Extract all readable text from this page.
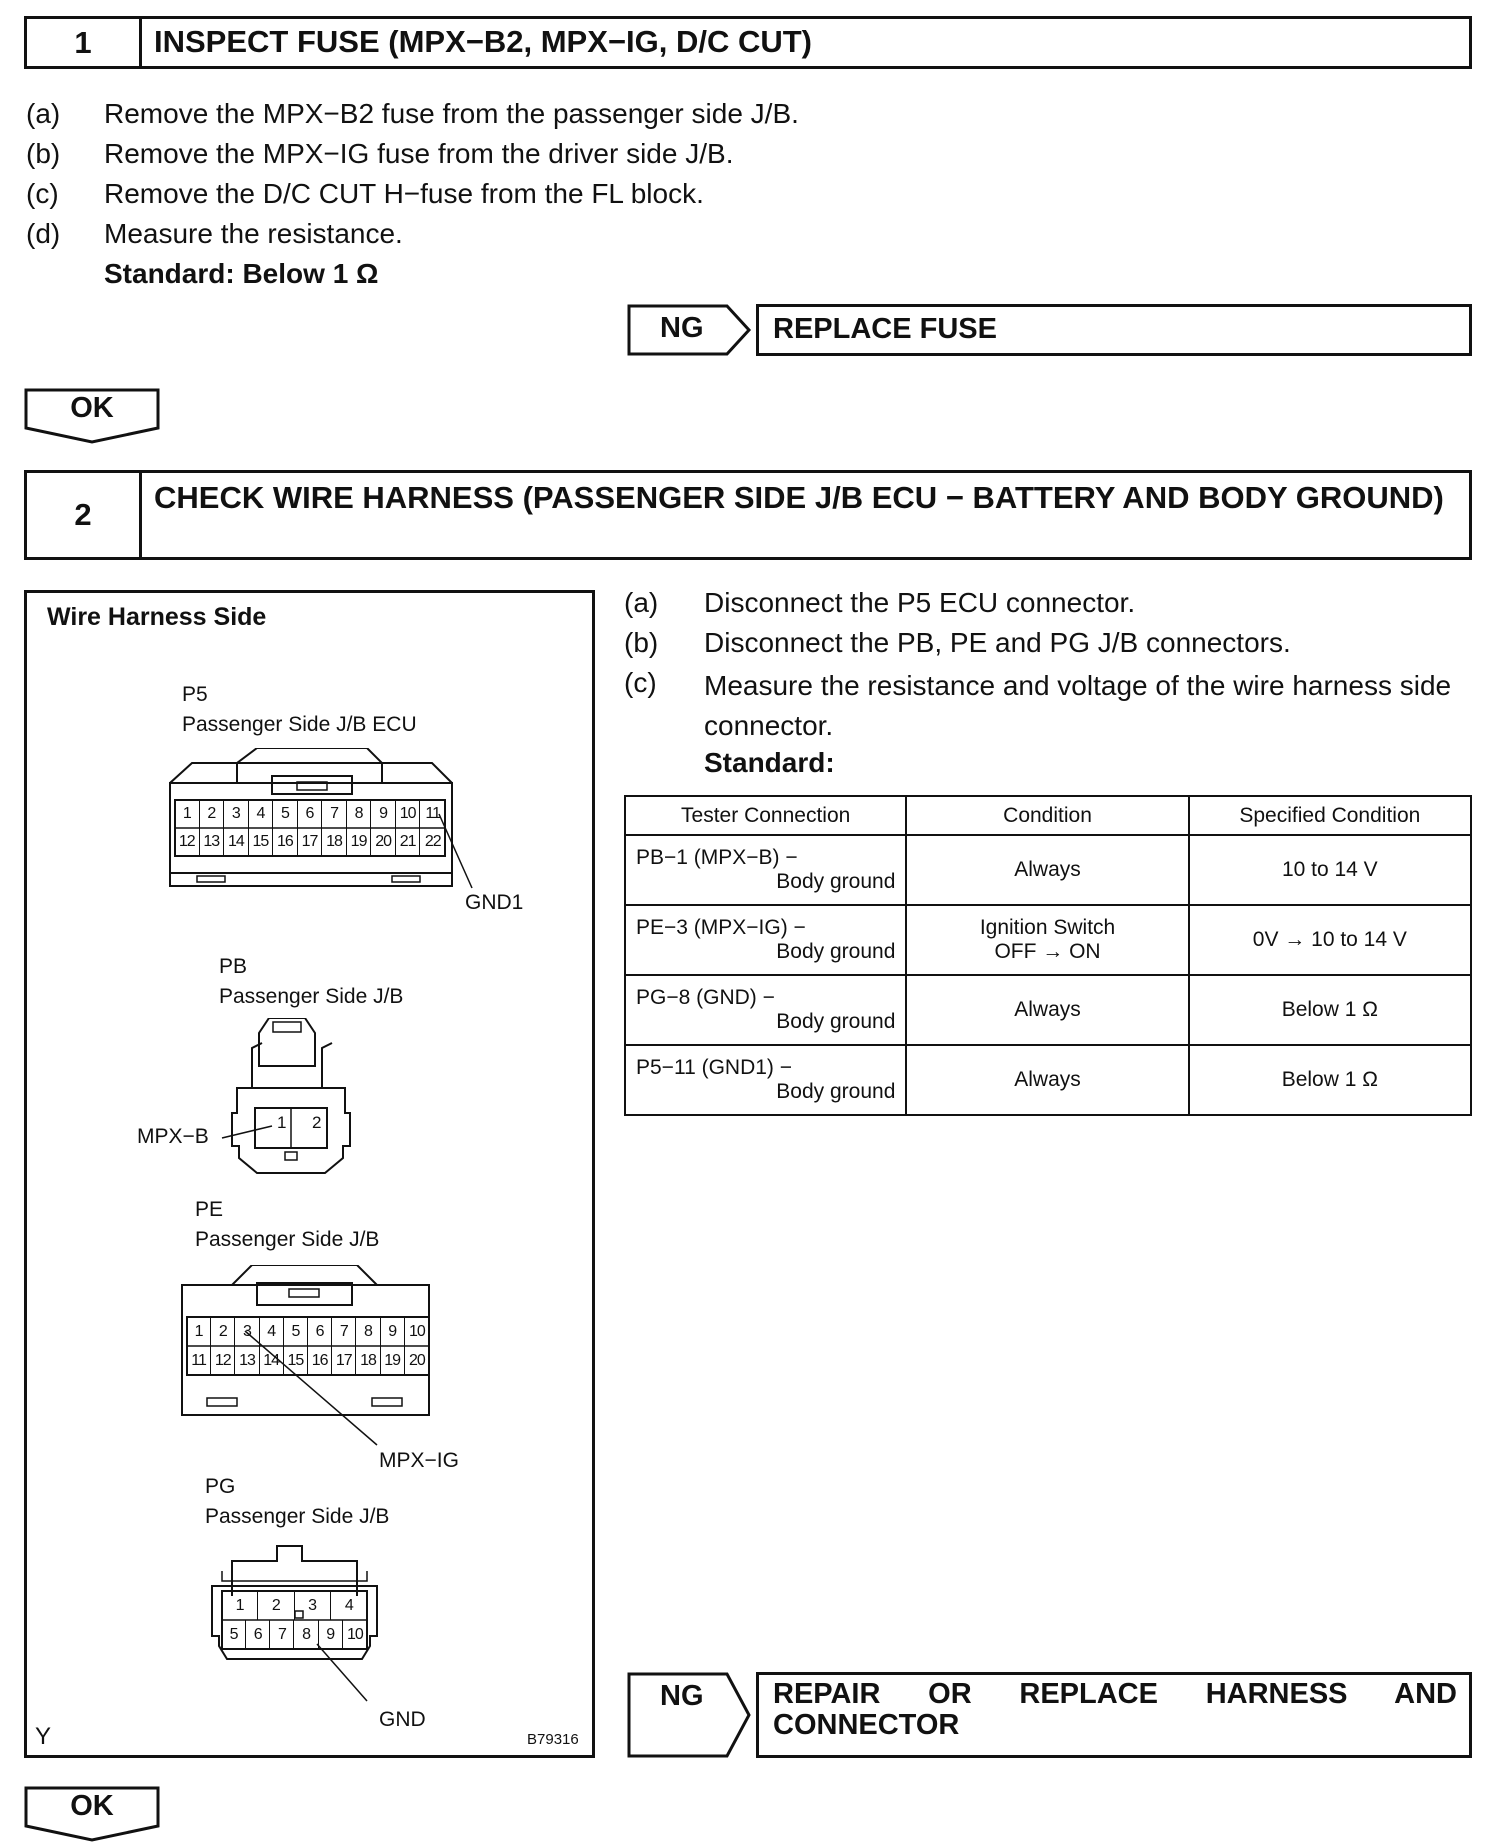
1	INSPECT FUSE (MPX−B2, MPX−IG, D/C CUT)
(a) Remove the MPX−B2 fuse from the passenger side J/B.
(b) Remove the MPX−IG fuse from the driver side J/B.
(c) Remove the D/C CUT H−fuse from the FL block.
(d) Measure the resistance.
Standard: Below 1 Ω
NG REPLACE FUSE
OK
2	CHECK WIRE HARNESS (PASSENGER SIDE J/B ECU − BATTERY AND BODY GROUND)
Wire Harness Side
P5
Passenger Side J/B ECU
1	2	3	4	5	6	7	8	9 10 11
12 13 14 15 16 17 18 19 20 21 22
GND1
PB
Passenger Side J/B
1 2
MPX−B
PE
Passenger Side J/B
1	2	3	4	5	6	7	8	9 10
11 12 13 14 15 16 17 18 19 20
MPX−IG
PG
Passenger Side J/B
1	2	3	4
5	6	7	8	9 10
GND
Y	B79316
(a) Disconnect the P5 ECU connector.
(b) Disconnect the PB, PE and PG J/B connectors.
(c) Measure the resistance and voltage of the wire harness side connector.
Standard:
Tester Connection	Condition	Specified Condition

PB−1 (MPX−B) −
Body ground	Always	10 to 14 V

PE−3 (MPX−IG) −
Body ground	Ignition Switch
OFF → ON	0V → 10 to 14 V

PG−8 (GND) −
Body ground	Always	Below 1 Ω

P5−11 (GND1) −
Body ground	Always	Below 1 Ω
NG REPAIR OR REPLACE HARNESS AND CONNECTOR
OK
